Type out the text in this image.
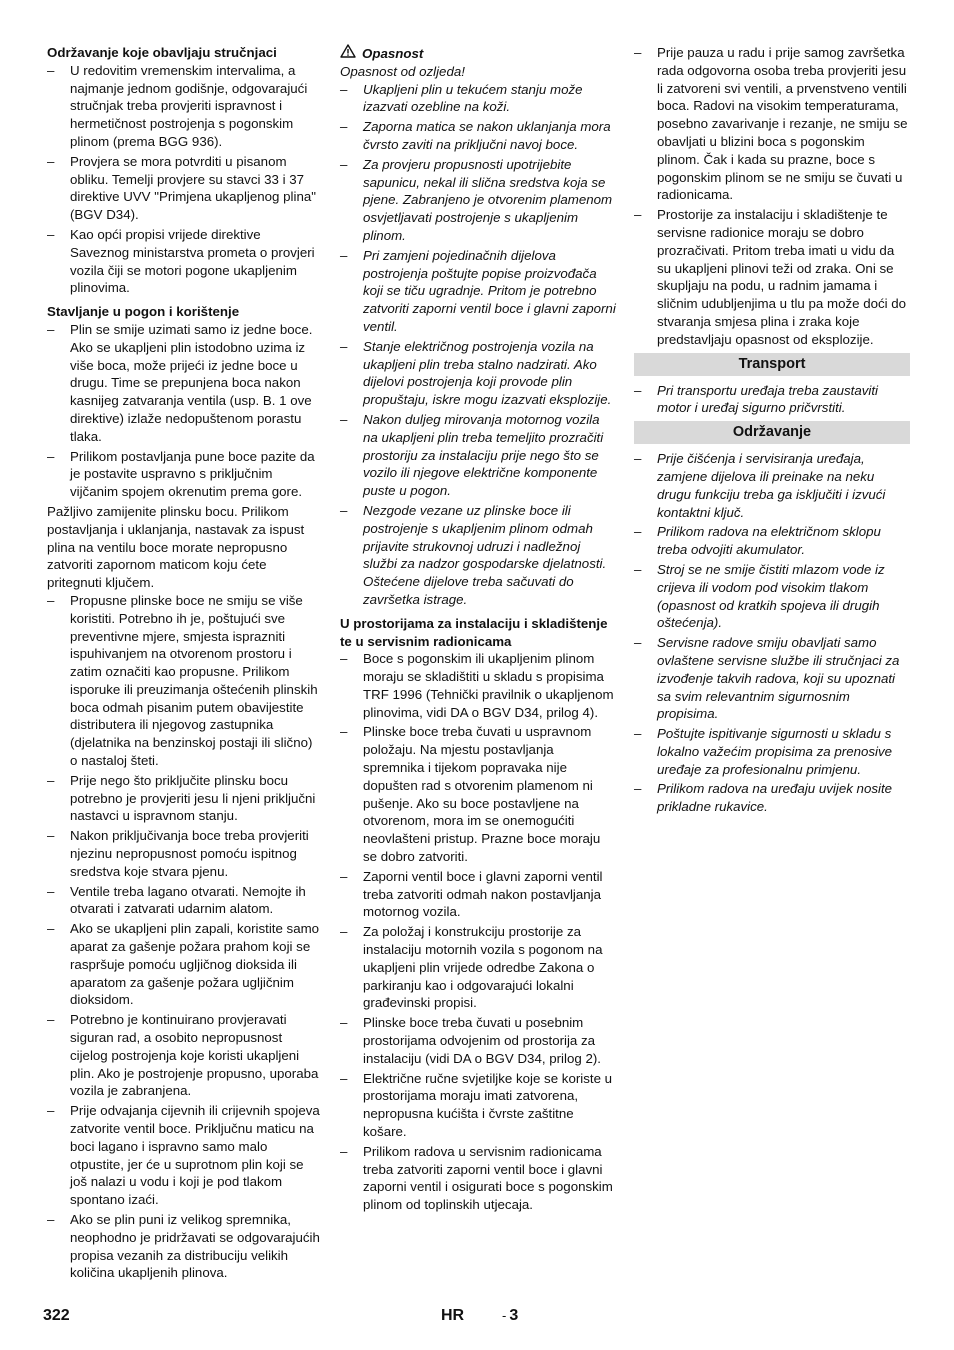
Održavanje koje obavljaju stručnjaci

– U redovitim vremenskim intervalima, a najmanje jednom godišnje, odgovarajući stručnjak treba provjeriti ispravnost i hermetičnost postrojenja s pogonskim plinom (prema BGG 936).
– Provjera se mora potvrditi u pisanom obliku. Temelji provjere su stavci 33 i 37 direktive UVV "Primjena ukapljenog plina" (BGV D34).
– Kao opći propisi vrijede direktive Saveznog ministarstva prometa o provjeri vozila čiji se motori pogone ukapljenim plinovima.

Stavljanje u pogon i korištenje

– Plin se smije uzimati samo iz jedne boce. Ako se ukapljeni plin istodobno uzima iz više boca, može prijeći iz jedne boce u drugu. Time se prepunjena boca nakon kasnijeg zatvaranja ventila (usp. B. 1 ove direktive) izlaže nedopuštenom porastu tlaka.
– Prilikom postavljanja pune boce pazite da je postavite uspravno s priključnim vijčanim spojem okrenutim prema gore.

Pažljivo zamijenite plinsku bocu. Prilikom postavljanja i uklanjanja, nastavak za ispust plina na ventilu boce morate nepropusno zatvoriti zapornom maticom koju ćete pritegnuti ključem.

– Propusne plinske boce ne smiju se više koristiti. Potrebno ih je, poštujući sve preventivne mjere, smjesta isprazniti ispuhivanjem na otvorenom prostoru i zatim označiti kao propusne. Prilikom isporuke ili preuzimanja oštećenih plinskih boca odmah pisanim putem obavijestite distributera ili njegovog zastupnika (djelatnika na benzinskoj postaji ili slično) o nastaloj šteti.
– Prije nego što priključite plinsku bocu potrebno je provjeriti jesu li njeni priključni nastavci u ispravnom stanju.
– Nakon priključivanja boce treba provjeriti njezinu nepropusnost pomoću ispitnog sredstva koje stvara pjenu.
– Ventile treba lagano otvarati. Nemojte ih otvarati i zatvarati udarnim alatom.
– Ako se ukapljeni plin zapali, koristite samo aparat za gašenje požara prahom koji se raspršuje pomoću ugljičnog dioksida ili aparatom za gašenje požara ugljičnim dioksidom.
– Potrebno je kontinuirano provjeravati siguran rad, a osobito nepropusnost cijelog postrojenja koje koristi ukapljeni plin. Ako je postrojenje propusno, uporaba vozila je zabranjena.
– Prije odvajanja cijevnih ili crijevnih spojeva zatvorite ventil boce. Priključnu maticu na boci lagano i ispravno samo malo otpustite, jer će u suprotnom plin koji se još nalazi u vodu i koji je pod tlakom spontano izaći.
– Ako se plin puni iz velikog spremnika, neophodno je pridržavati se odgovarajućih propisa vezanih za distribuciju velikih količina ukapljenih plinova.
Opasnost

Opasnost od ozljeda!

– Ukapljeni plin u tekućem stanju može izazvati ozebline na koži.
– Zaporna matica se nakon uklanjanja mora čvrsto zaviti na priključni navoj boce.
– Za provjeru propusnosti upotrijebite sapunicu, nekal ili slična sredstva koja se pjene. Zabranjeno je otvorenim plamenom osvjetljavati postrojenje s ukapljenim plinom.
– Pri zamjeni pojedinačnih dijelova postrojenja poštujte popise proizvođača koji se tiču ugradnje. Pritom je potrebno zatvoriti zaporni ventil boce i glavni zaporni ventil.
– Stanje električnog postrojenja vozila na ukapljeni plin treba stalno nadzirati. Ako dijelovi postrojenja koji provode plin propuštaju, iskre mogu izazvati eksplozije.
– Nakon duljeg mirovanja motornog vozila na ukapljeni plin treba temeljito prozračiti prostoriju za instalaciju prije nego što se vozilo ili njegove električne komponente puste u pogon.
– Nezgode vezane uz plinske boce ili postrojenje s ukapljenim plinom odmah prijavite strukovnoj udruzi i nadležnoj službi za nadzor gospodarske djelatnosti. Oštećene dijelove treba sačuvati do završetka istrage.

U prostorijama za instalaciju i skladištenje te u servisnim radionicama

– Boce s pogonskim ili ukapljenim plinom moraju se skladištiti u skladu s propisima TRF 1996 (Tehnički pravilnik o ukapljenom plinovima, vidi DA o BGV D34, prilog 4).
– Plinske boce treba čuvati u uspravnom položaju. Na mjestu postavljanja spremnika i tijekom popravaka nije dopušten rad s otvorenim plamenom ni pušenje. Ako su boce postavljene na otvorenom, mora im se onemogućiti neovlašteni pristup. Prazne boce moraju se dobro zatvoriti.
– Zaporni ventil boce i glavni zaporni ventil treba zatvoriti odmah nakon postavljanja motornog vozila.
– Za položaj i konstrukciju prostorije za instalaciju motornih vozila s pogonom na ukapljeni plin vrijede odredbe Zakona o parkiranju kao i odgovarajući lokalni građevinski propisi.
– Plinske boce treba čuvati u posebnim prostorijama odvojenim od prostorija za instalaciju (vidi DA o BGV D34, prilog 2).
– Električne ručne svjetiljke koje se koriste u prostorijama moraju imati zatvorena, nepropusna kućišta i čvrste zaštitne košare.
– Prilikom radova u servisnim radionicama treba zatvoriti zaporni ventil boce i glavni zaporni ventil i osigurati boce s pogonskim plinom od toplinskih utjecaja.
– Prije pauza u radu i prije samog završetka rada odgovorna osoba treba provjeriti jesu li zatvoreni svi ventili, a prvenstveno ventili boca. Radovi na visokim temperaturama, posebno zavarivanje i rezanje, ne smiju se obavljati u blizini boca s pogonskim plinom. Čak i kada su prazne, boce s pogonskim plinom se ne smiju se čuvati u radionicama.
– Prostorije za instalaciju i skladištenje te servisne radionice moraju se dobro prozračivati. Pritom treba imati u vidu da su ukapljeni plinovi teži od zraka. Oni se skupljaju na podu, u radnim jamama i sličnim udubljenjima u tlu pa može doći do stvaranja smjesa plina i zraka koje predstavljaju opasnost od eksplozije.
Transport
– Pri transportu uređaja treba zaustaviti motor i uređaj sigurno pričvrstiti.
Održavanje
– Prije čišćenja i servisiranja uređaja, zamjene dijelova ili preinake na neku drugu funkciju treba ga isključiti i izvući kontaktni ključ.
– Prilikom radova na električnom sklopu treba odvojiti akumulator.
– Stroj se ne smije čistiti mlazom vode iz crijeva ili vodom pod visokim tlakom (opasnost od kratkih spojeva ili drugih oštećenja).
– Servisne radove smiju obavljati samo ovlaštene servisne službe ili stručnjaci za izvođenje takvih radova, koji su upoznati sa svim relevantnim sigurnosnim propisima.
– Poštujte ispitivanje sigurnosti u skladu s lokalno važećim propisima za prenosive uređaje za profesionalnu primjenu.
– Prilikom radova na uređaju uvijek nosite prikladne rukavice.
322	HR	- 3
